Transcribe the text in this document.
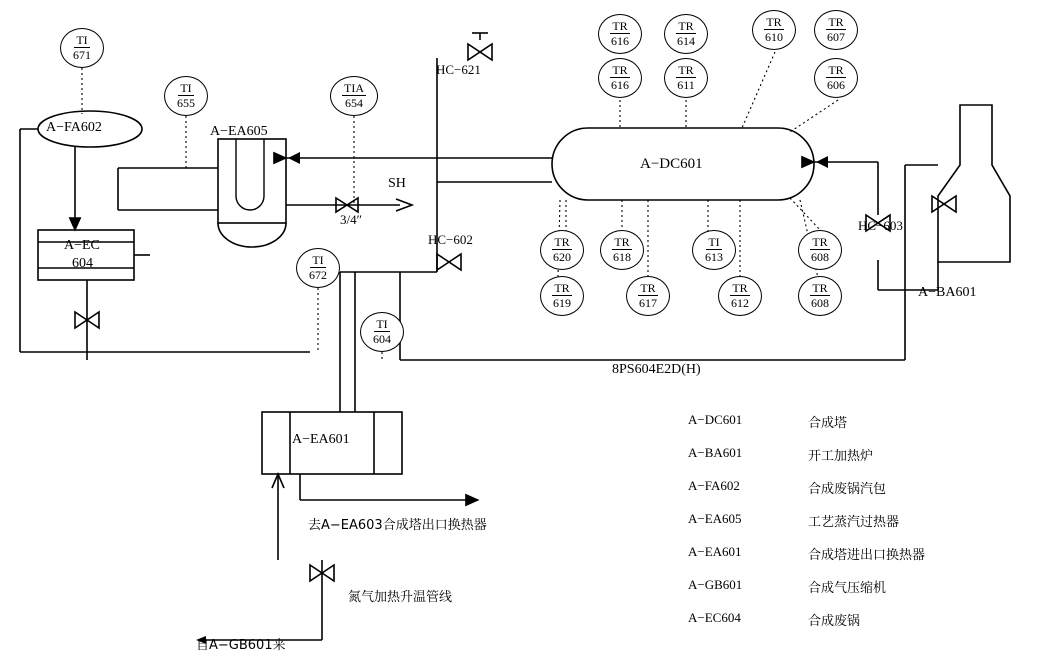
TI
671
TI
655
TIA
654
TI
672
TI
604
TR
616
TR
614
TR
610
TR
607
TR
616
TR
611
TR
606
TR
620
TR
618
TI
613
TR
608
TR
619
TR
617
TR
612
TR
608
A−FA602	A−EA605
A−EC
604
A−EA601
A−BA601
A−DC601
HC−621
HC−602
HC−603
SH
3/4″
8PS604E2D(H)
去A−EA603合成塔出口换热器
氮气加热升温管线
自A−GB601来
A−DC601	合成塔
A−BA601	开工加热炉
A−FA602	合成废锅汽包
A−EA605	工艺蒸汽过热器
A−EA601	合成塔进出口换热器
A−GB601	合成气压缩机
A−EC604	合成废锅
